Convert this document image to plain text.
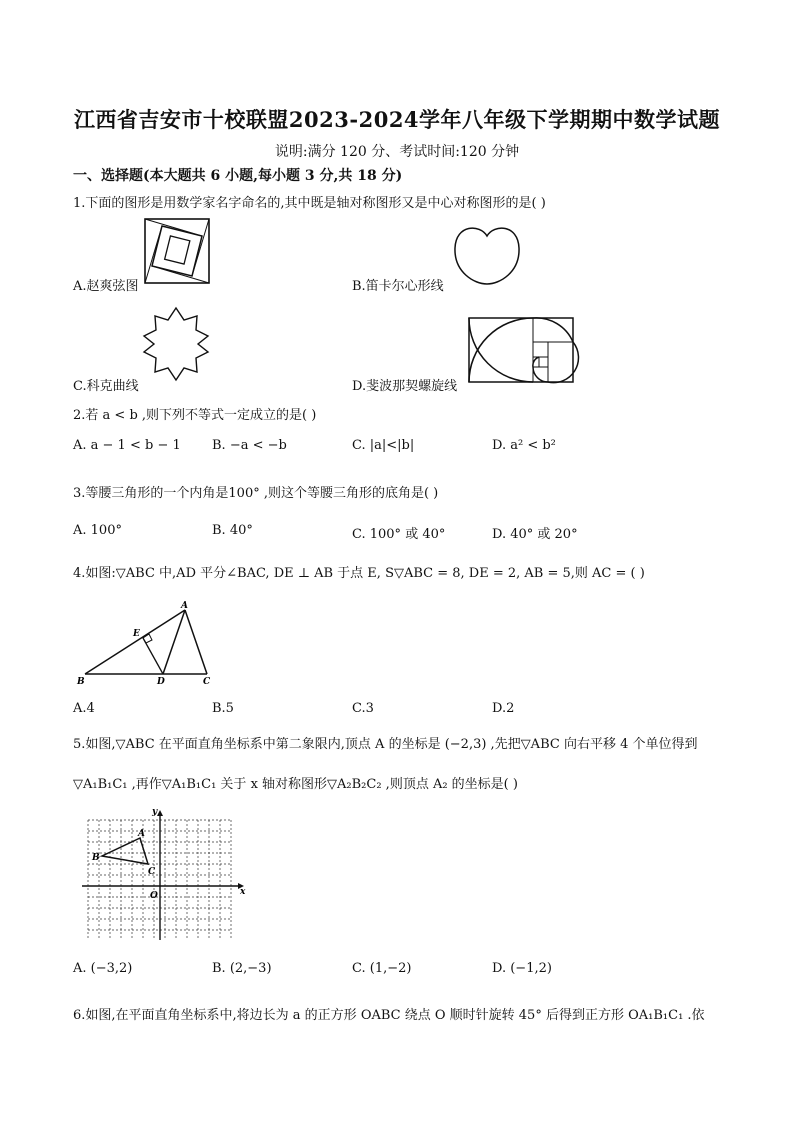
江西省吉安市十校联盟2023-2024学年八年级下学期期中数学试题
说明:满分 120 分、考试时间:120 分钟
一、选择题(本大题共 6 小题,每小题 3 分,共 18 分)
1.下面的图形是用数学家名字命名的,其中既是轴对称图形又是中心对称图形的是( )
A.赵爽弦图	B.笛卡尔心形线
C.科克曲线	D.斐波那契螺旋线
2.若 a < b ,则下列不等式一定成立的是( )
A. a − 1 < b − 1 B. −a < −b	C. |a|<|b|	D. a² < b²
3.等腰三角形的一个内角是100° ,则这个等腰三角形的底角是( )
A. 100°	B. 40°	C. 100° 或 40°	D. 40° 或 20°
4.如图:▽ABC 中,AD 平分∠BAC, DE ⊥ AB 于点 E, S▽ABC = 8, DE = 2, AB = 5,则 AC = ( )
A
B	C
D
E
A.4	B.5	C.3	D.2
5.如图,▽ABC 在平面直角坐标系中第二象限内,顶点 A 的坐标是 (−2,3) ,先把▽ABC 向右平移 4 个单位得到
▽A₁B₁C₁ ,再作▽A₁B₁C₁ 关于 x 轴对称图形▽A₂B₂C₂ ,则顶点 A₂ 的坐标是( )
x
y
O
A
B
C
A. (−3,2)	B. (2,−3)	C. (1,−2)	D. (−1,2)
6.如图,在平面直角坐标系中,将边长为 a 的正方形 OABC 绕点 O 顺时针旋转 45° 后得到正方形 OA₁B₁C₁ .依
